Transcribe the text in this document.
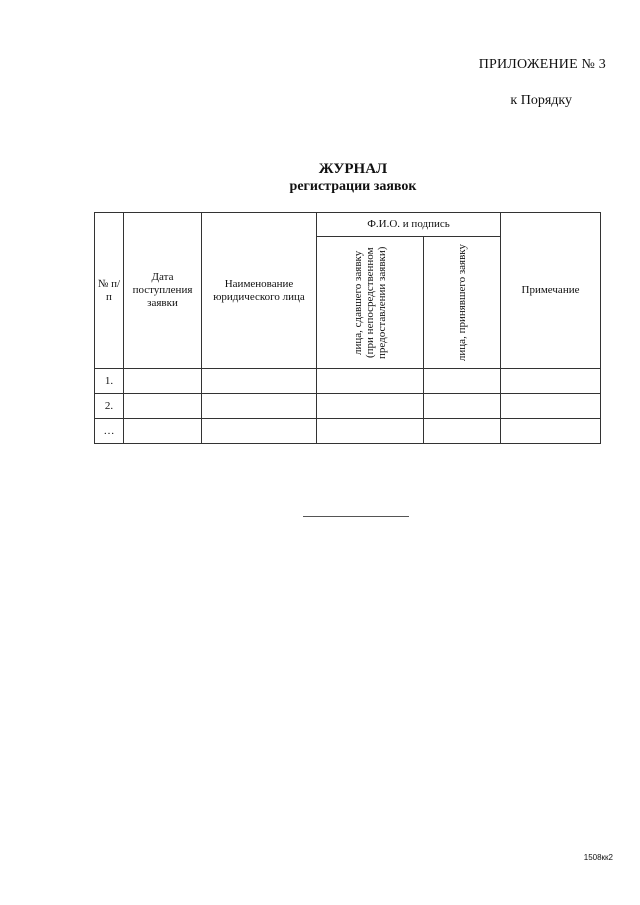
ПРИЛОЖЕНИЕ № 3
к Порядку
ЖУРНАЛ
регистрации заявок
№ п/п	Дата поступления заявки	Наименование юридического лица	Ф.И.О. и подпись		Примечание

			лица, сдавшего заявку (при непосредственном предоставлении заявки)	лица, принявшего заявку	

1.					
2.					
…					
1508кк2
